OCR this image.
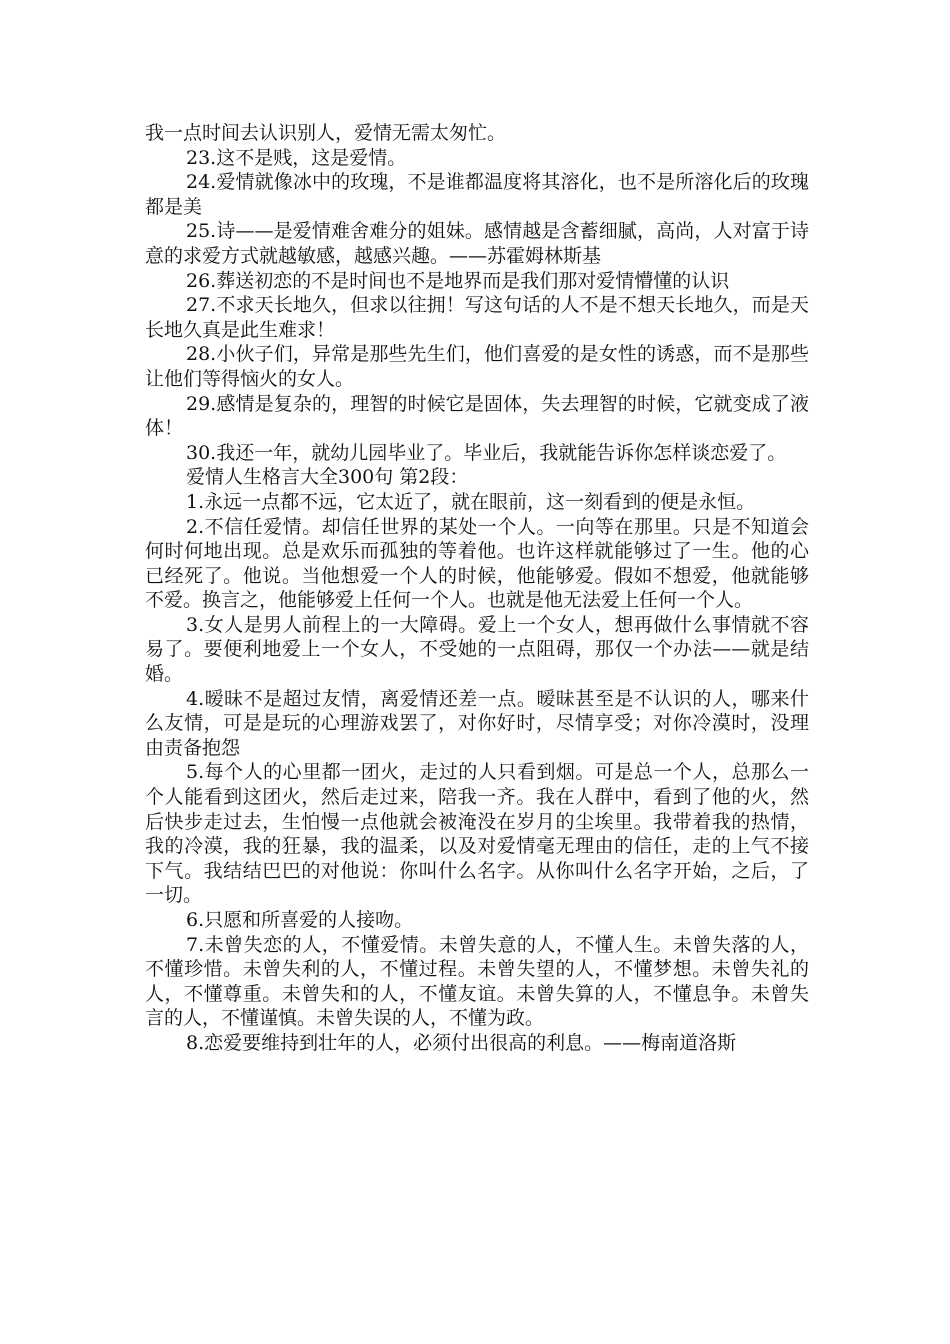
我一点时间去认识别人，爱情无需太匆忙。

23.这不是贱，这是爱情。

24.爱情就像冰中的玫瑰，不是谁都温度将其溶化，也不是所溶化后的玫瑰都是美

25.诗——是爱情难舍难分的姐妹。感情越是含蓄细腻，高尚，人对富于诗意的求爱方式就越敏感，越感兴趣。——苏霍姆林斯基

26.葬送初恋的不是时间也不是地界而是我们那对爱情懵懂的认识

27.不求天长地久，但求以往拥！写这句话的人不是不想天长地久，而是天长地久真是此生难求！

28.小伙子们，异常是那些先生们，他们喜爱的是女性的诱惑，而不是那些让他们等得恼火的女人。

29.感情是复杂的，理智的时候它是固体，失去理智的时候，它就变成了液体！

30.我还一年，就幼儿园毕业了。毕业后，我就能告诉你怎样谈恋爱了。

爱情人生格言大全300句 第2段：

1.永远一点都不远，它太近了，就在眼前，这一刻看到的便是永恒。

2.不信任爱情。却信任世界的某处一个人。一向等在那里。只是不知道会何时何地出现。总是欢乐而孤独的等着他。也许这样就能够过了一生。他的心已经死了。他说。当他想爱一个人的时候，他能够爱。假如不想爱，他就能够不爱。换言之，他能够爱上任何一个人。也就是他无法爱上任何一个人。

3.女人是男人前程上的一大障碍。爱上一个女人，想再做什么事情就不容易了。要便利地爱上一个女人，不受她的一点阻碍，那仅一个办法——就是结婚。

4.暧昧不是超过友情，离爱情还差一点。暧昧甚至是不认识的人，哪来什么友情，可是是玩的心理游戏罢了，对你好时，尽情享受；对你冷漠时，没理由责备抱怨

5.每个人的心里都一团火，走过的人只看到烟。可是总一个人，总那么一个人能看到这团火，然后走过来，陪我一齐。我在人群中，看到了他的火，然后快步走过去，生怕慢一点他就会被淹没在岁月的尘埃里。我带着我的热情，我的冷漠，我的狂暴，我的温柔，以及对爱情毫无理由的信任，走的上气不接下气。我结结巴巴的对他说：你叫什么名字。从你叫什么名字开始，之后，了一切。

6.只愿和所喜爱的人接吻。

7.未曾失恋的人，不懂爱情。未曾失意的人，不懂人生。未曾失落的人，不懂珍惜。未曾失利的人，不懂过程。未曾失望的人，不懂梦想。未曾失礼的人，不懂尊重。未曾失和的人，不懂友谊。未曾失算的人，不懂息争。未曾失言的人，不懂谨慎。未曾失误的人，不懂为政。

8.恋爱要维持到壮年的人，必须付出很高的利息。——梅南道洛斯
